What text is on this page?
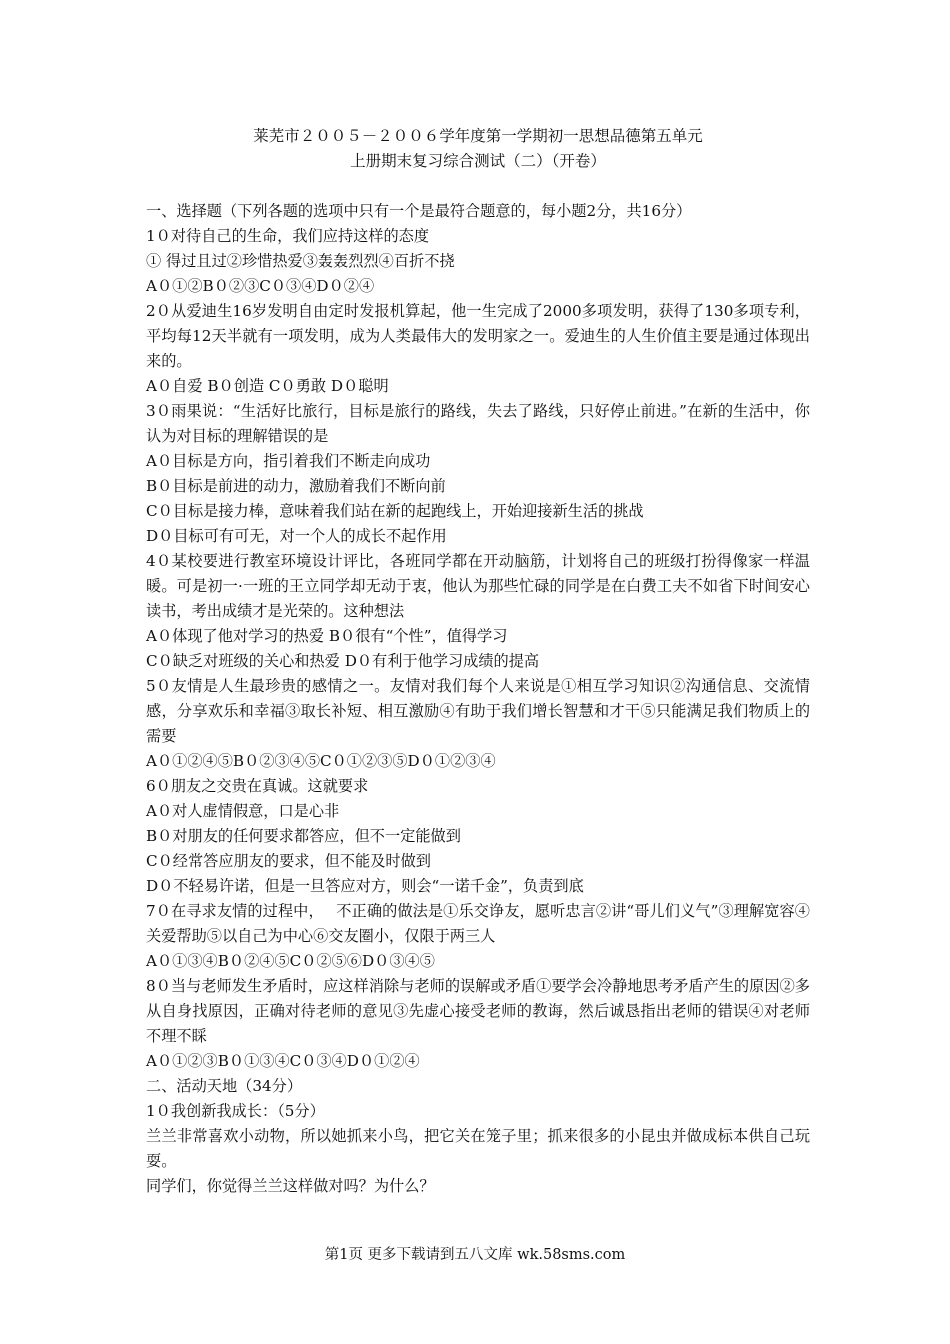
莱芜市２００５－２００６学年度第一学期初一思想品德第五单元
上册期末复习综合测试（二）（开卷）

一、选择题（下列各题的选项中只有一个是最符合题意的，每小题2分，共16分）

1０对待自己的生命，我们应持这样的态度

① 得过且过②珍惜热爱③轰轰烈烈④百折不挠

A０①②B０②③C０③④D０②④

2０从爱迪生16岁发明自由定时发报机算起，他一生完成了2000多项发明，获得了130多项专利，平均每12天半就有一项发明，成为人类最伟大的发明家之一。爱迪生的人生价值主要是通过体现出来的。

A０自爱 B０创造 C０勇敢 D０聪明

3０雨果说：“生活好比旅行，目标是旅行的路线，失去了路线，只好停止前进。”在新的生活中，你认为对目标的理解错误的是

A０目标是方向，指引着我们不断走向成功

B０目标是前进的动力，激励着我们不断向前

C０目标是接力棒，意味着我们站在新的起跑线上，开始迎接新生活的挑战

D０目标可有可无，对一个人的成长不起作用

4０某校要进行教室环境设计评比，各班同学都在开动脑筋，计划将自己的班级打扮得像家一样温暖。可是初一·一班的王立同学却无动于衷，他认为那些忙碌的同学是在白费工夫不如省下时间安心读书，考出成绩才是光荣的。这种想法

A０体现了他对学习的热爱 B０很有“个性”，值得学习

C０缺乏对班级的关心和热爱 D０有利于他学习成绩的提高

5０友情是人生最珍贵的感情之一。友情对我们每个人来说是①相互学习知识②沟通信息、交流情感，分享欢乐和幸福③取长补短、相互激励④有助于我们增长智慧和才干⑤只能满足我们物质上的需要

A０①②④⑤B０②③④⑤C０①②③⑤D０①②③④

6０朋友之交贵在真诚。这就要求

A０对人虚情假意，口是心非

B０对朋友的任何要求都答应，但不一定能做到

C０经常答应朋友的要求，但不能及时做到

D０不轻易许诺，但是一旦答应对方，则会“一诺千金”，负责到底

7０在寻求友情的过程中，　 不正确的做法是①乐交诤友，愿听忠言②讲“哥儿们义气”③理解宽容④关爱帮助⑤以自己为中心⑥交友圈小，仅限于两三人

A０①③④B０②④⑤C０②⑤⑥D０③④⑤

8０当与老师发生矛盾时，应这样消除与老师的误解或矛盾①要学会冷静地思考矛盾产生的原因②多从自身找原因，正确对待老师的意见③先虚心接受老师的教诲，然后诚恳指出老师的错误④对老师不理不睬

A０①②③B０①③④C０③④D０①②④

二、活动天地（34分）

1０我创新我成长：（5分）

兰兰非常喜欢小动物，所以她抓来小鸟，把它关在笼子里；抓来很多的小昆虫并做成标本供自己玩耍。

同学们，你觉得兰兰这样做对吗？为什么？

第1页 更多下载请到五八文库 wk.58sms.com
